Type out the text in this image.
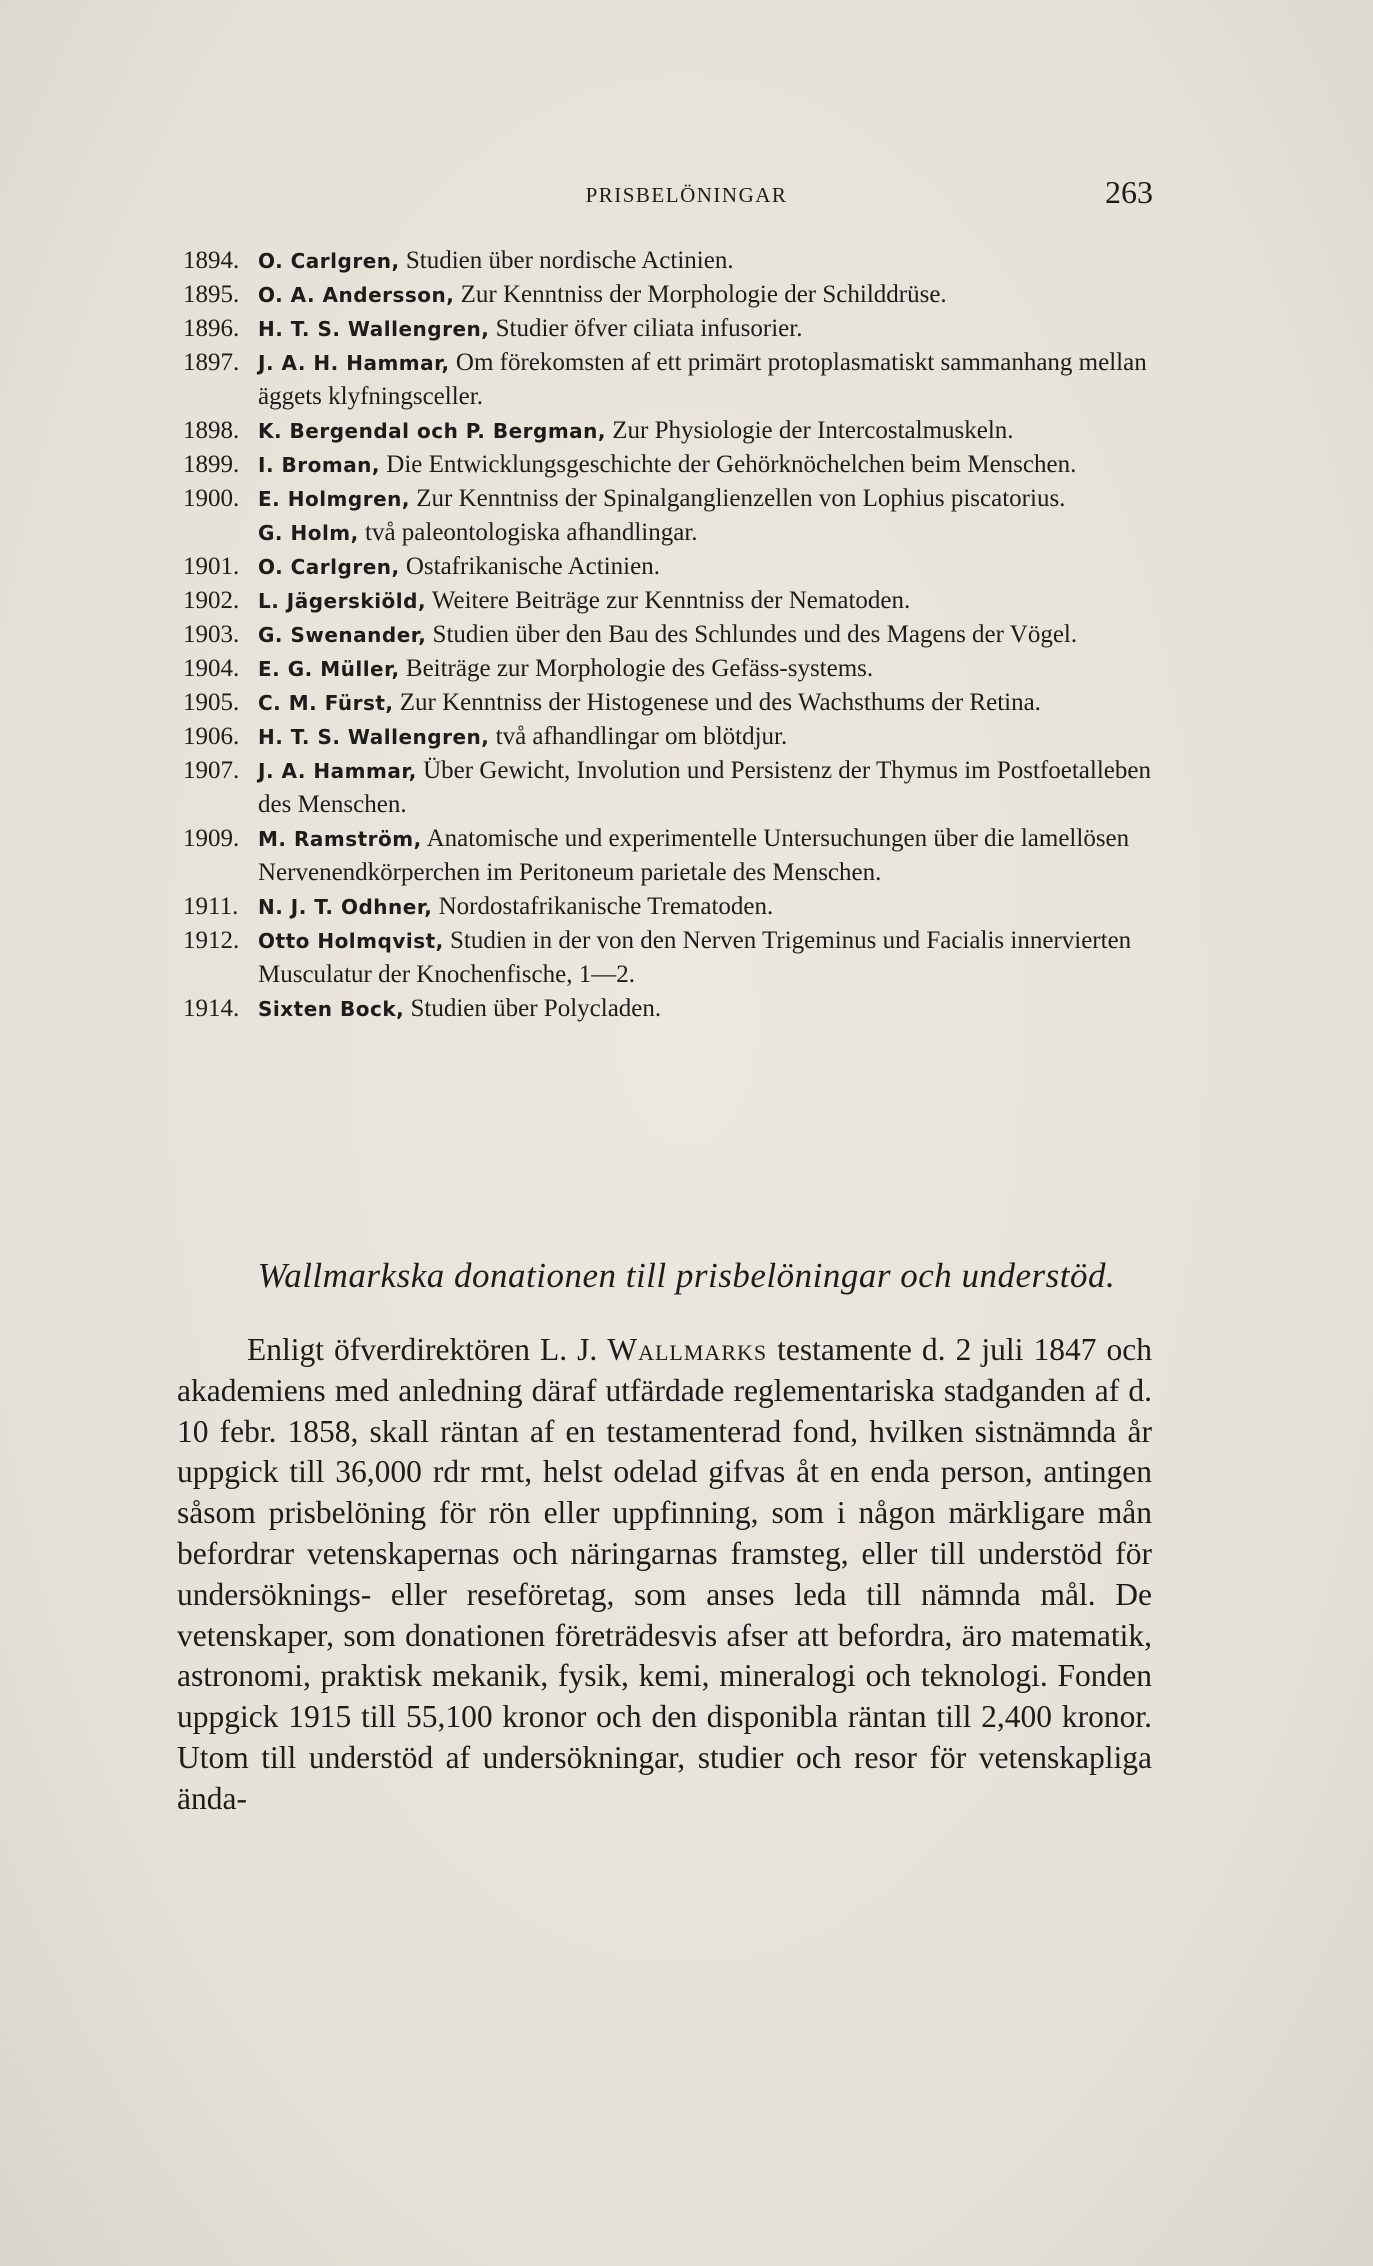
PRISBELÖNINGAR	263
1894. O. Carlgren, Studien über nordische Actinien.
1895. O. A. Andersson, Zur Kenntniss der Morphologie der Schilddrüse.
1896. H. T. S. Wallengren, Studier öfver ciliata infusorier.
1897. J. A. H. Hammar, Om förekomsten af ett primärt protoplasmatiskt sammanhang mellan äggets klyfningsceller.
1898. K. Bergendal och P. Bergman, Zur Physiologie der Intercostalmuskeln.
1899. I. Broman, Die Entwicklungsgeschichte der Gehörknöchelchen beim Menschen.
1900. E. Holmgren, Zur Kenntniss der Spinalganglienzellen von Lophius piscatorius.
G. Holm, två paleontologiska afhandlingar.
1901. O. Carlgren, Ostafrikanische Actinien.
1902. L. Jägerskiöld, Weitere Beiträge zur Kenntniss der Nematoden.
1903. G. Swenander, Studien über den Bau des Schlundes und des Magens der Vögel.
1904. E. G. Müller, Beiträge zur Morphologie des Gefäss-systems.
1905. C. M. Fürst, Zur Kenntniss der Histogenese und des Wachsthums der Retina.
1906. H. T. S. Wallengren, två afhandlingar om blötdjur.
1907. J. A. Hammar, Über Gewicht, Involution und Persistenz der Thymus im Postfoetalleben des Menschen.
1909. M. Ramström, Anatomische und experimentelle Untersuchungen über die lamellösen Nervenendkörperchen im Peritoneum parietale des Menschen.
1911. N. J. T. Odhner, Nordostafrikanische Trematoden.
1912. Otto Holmqvist, Studien in der von den Nerven Trigeminus und Facialis innervierten Musculatur der Knochenfische, 1—2.
1914. Sixten Bock, Studien über Polycladen.
Wallmarkska donationen till prisbelöningar och understöd.
Enligt öfverdirektören L. J. Wallmarks testamente d. 2 juli 1847 och akademiens med anledning däraf utfärdade reglementariska stadganden af d. 10 febr. 1858, skall räntan af en testamenterad fond, hvilken sistnämnda år uppgick till 36,000 rdr rmt, helst odelad gifvas åt en enda person, antingen såsom prisbelöning för rön eller uppfinning, som i någon märkligare mån befordrar vetenskapernas och näringarnas framsteg, eller till understöd för undersöknings- eller reseföretag, som anses leda till nämnda mål. De vetenskaper, som donationen företrädesvis afser att befordra, äro matematik, astronomi, praktisk mekanik, fysik, kemi, mineralogi och teknologi. Fonden uppgick 1915 till 55,100 kronor och den disponibla räntan till 2,400 kronor. Utom till understöd af undersökningar, studier och resor för vetenskapliga ända-
